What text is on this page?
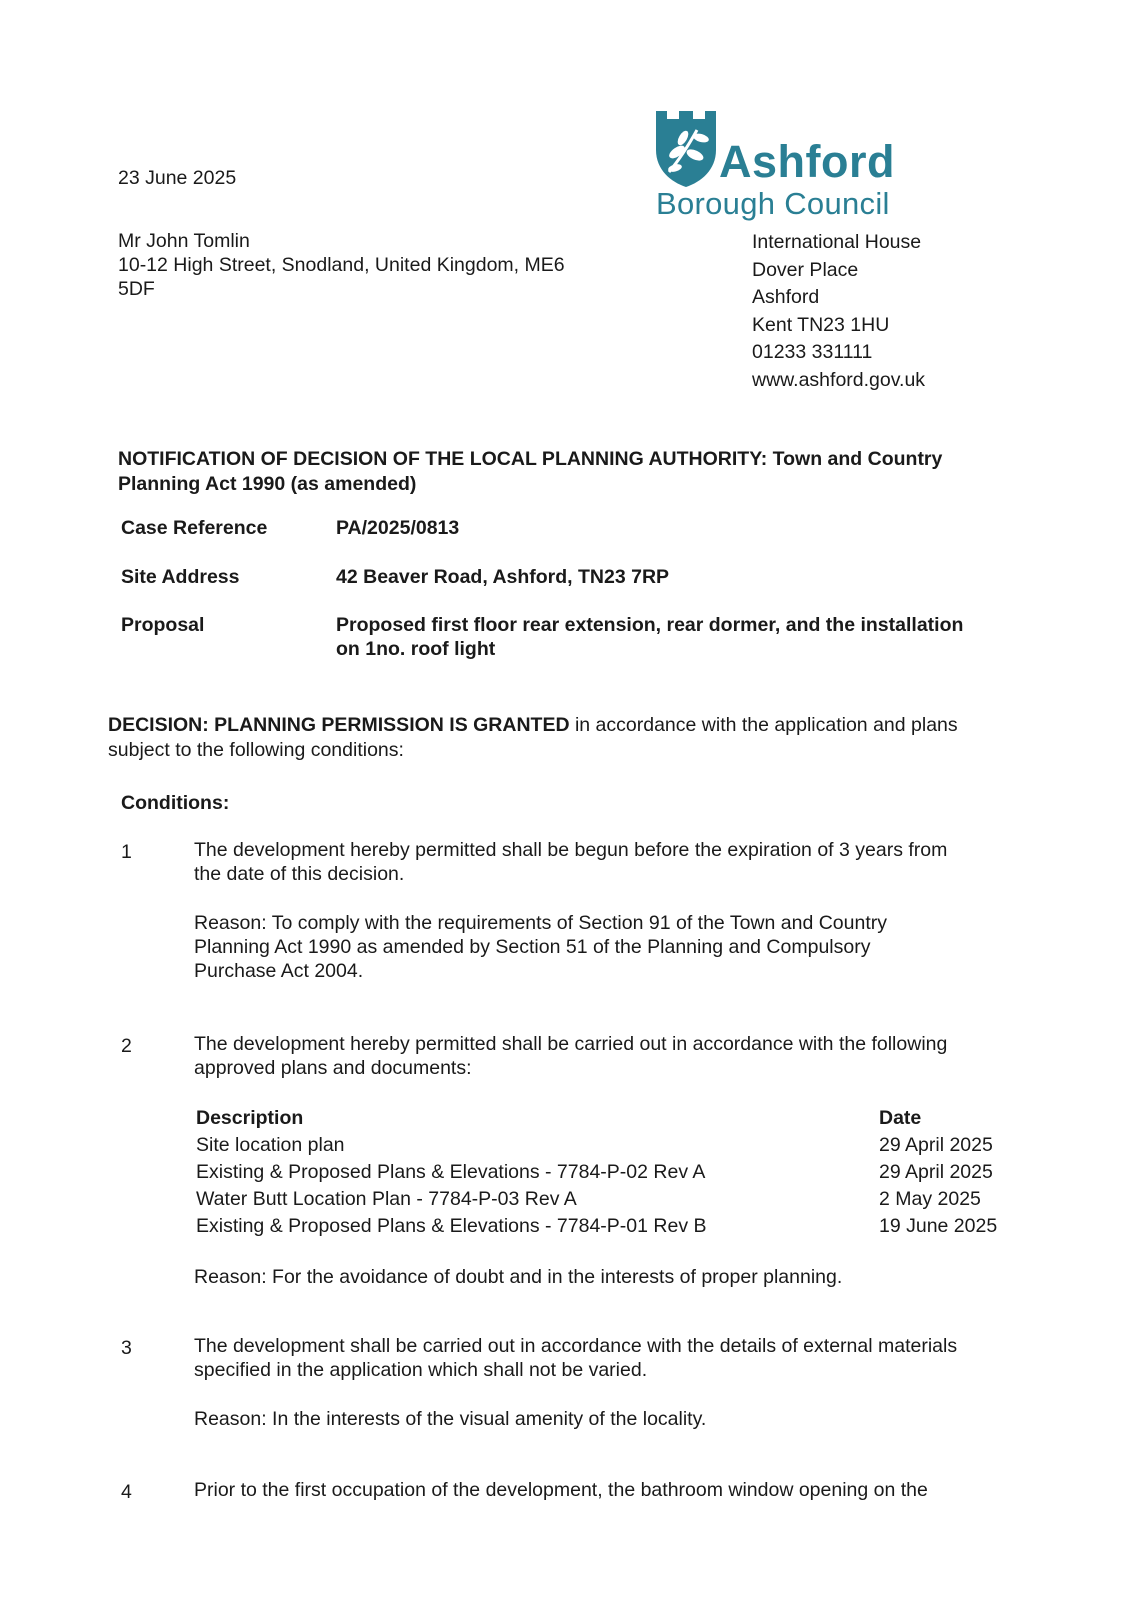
Ashford
Borough Council
23 June 2025
Mr John Tomlin
10-12 High Street, Snodland, United Kingdom, ME6
5DF
International House
Dover Place
Ashford
Kent TN23 1HU
01233 331111
www.ashford.gov.uk
NOTIFICATION OF DECISION OF THE LOCAL PLANNING AUTHORITY: Town and Country
Planning Act 1990 (as amended)
Case Reference	PA/2025/0813
Site Address	42 Beaver Road, Ashford, TN23 7RP
Proposal	Proposed first floor rear extension, rear dormer, and the installation
on 1no. roof light
DECISION: PLANNING PERMISSION IS GRANTED in accordance with the application and plans
subject to the following conditions:
Conditions:
1	The development hereby permitted shall be begun before the expiration of 3 years from
the date of this decision.
Reason: To comply with the requirements of Section 91 of the Town and Country
Planning Act 1990 as amended by Section 51 of the Planning and Compulsory
Purchase Act 2004.
2	The development hereby permitted shall be carried out in accordance with the following
approved plans and documents:
Description	Date
Site location plan	29 April 2025
Existing & Proposed Plans & Elevations - 7784-P-02 Rev A	29 April 2025
Water Butt Location Plan - 7784-P-03 Rev A	2 May 2025
Existing & Proposed Plans & Elevations - 7784-P-01 Rev B	19 June 2025
Reason: For the avoidance of doubt and in the interests of proper planning.
3	The development shall be carried out in accordance with the details of external materials
specified in the application which shall not be varied.
Reason: In the interests of the visual amenity of the locality.
4	Prior to the first occupation of the development, the bathroom window opening on the
